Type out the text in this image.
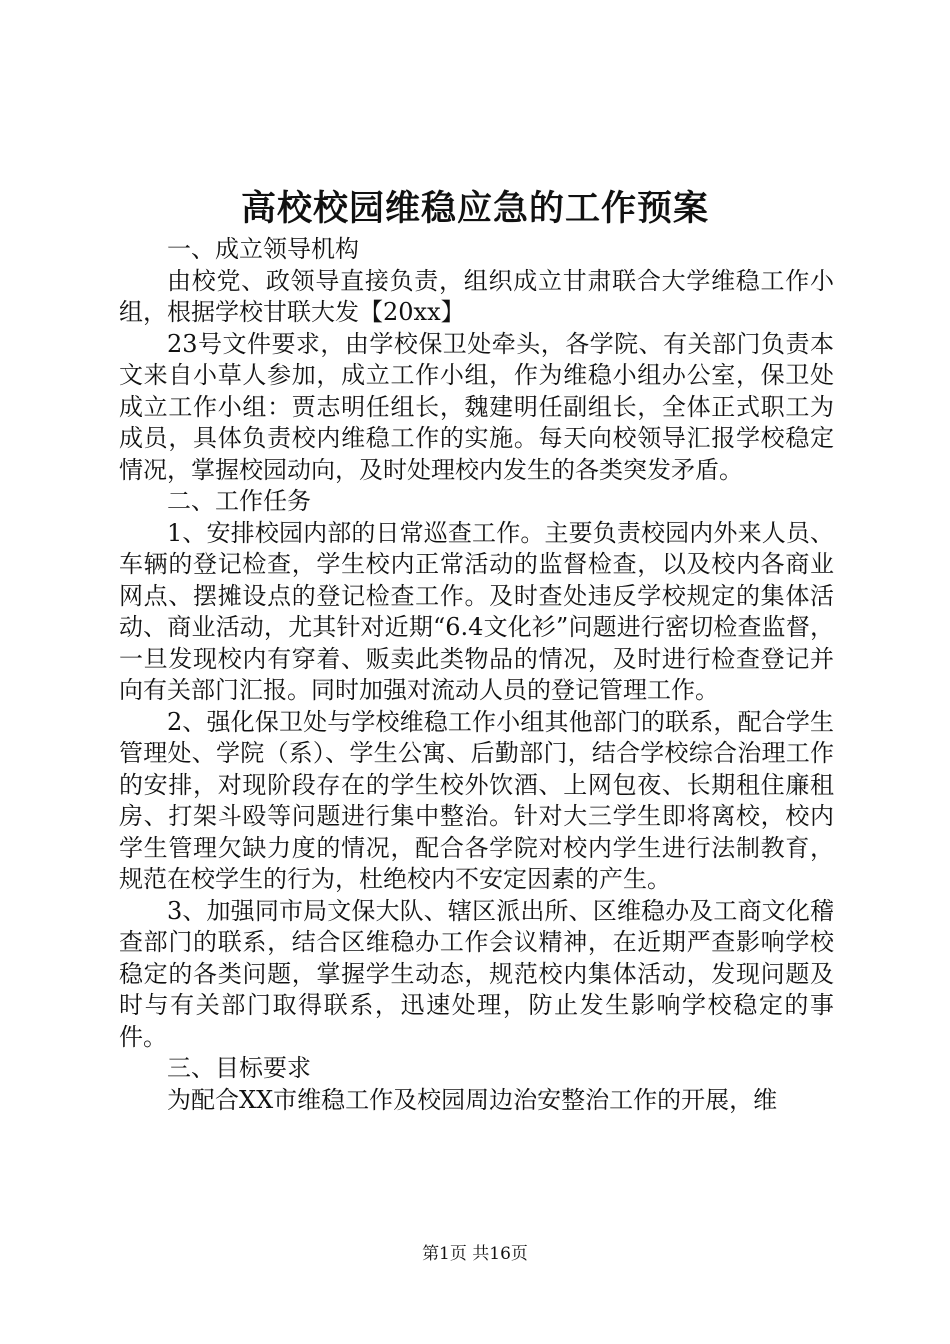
高校校园维稳应急的工作预案

一、成立领导机构

由校党、政领导直接负责，组织成立甘肃联合大学维稳工作小组，根据学校甘联大发【20xx】

23号文件要求，由学校保卫处牵头，各学院、有关部门负责本文来自小草人参加，成立工作小组，作为维稳小组办公室，保卫处成立工作小组：贾志明任组长，魏建明任副组长，全体正式职工为成员，具体负责校内维稳工作的实施。每天向校领导汇报学校稳定情况，掌握校园动向，及时处理校内发生的各类突发矛盾。

二、工作任务

1、安排校园内部的日常巡查工作。主要负责校园内外来人员、车辆的登记检查，学生校内正常活动的监督检查，以及校内各商业网点、摆摊设点的登记检查工作。及时查处违反学校规定的集体活动、商业活动，尤其针对近期“6.4文化衫”问题进行密切检查监督，一旦发现校内有穿着、贩卖此类物品的情况，及时进行检查登记并向有关部门汇报。同时加强对流动人员的登记管理工作。

2、强化保卫处与学校维稳工作小组其他部门的联系，配合学生管理处、学院（系）、学生公寓、后勤部门，结合学校综合治理工作的安排，对现阶段存在的学生校外饮酒、上网包夜、长期租住廉租房、打架斗殴等问题进行集中整治。针对大三学生即将离校，校内学生管理欠缺力度的情况，配合各学院对校内学生进行法制教育，规范在校学生的行为，杜绝校内不安定因素的产生。

3、加强同市局文保大队、辖区派出所、区维稳办及工商文化稽查部门的联系，结合区维稳办工作会议精神，在近期严查影响学校稳定的各类问题，掌握学生动态，规范校内集体活动，发现问题及时与有关部门取得联系，迅速处理，防止发生影响学校稳定的事件。

三、目标要求

为配合XX市维稳工作及校园周边治安整治工作的开展，维

第1页 共16页
